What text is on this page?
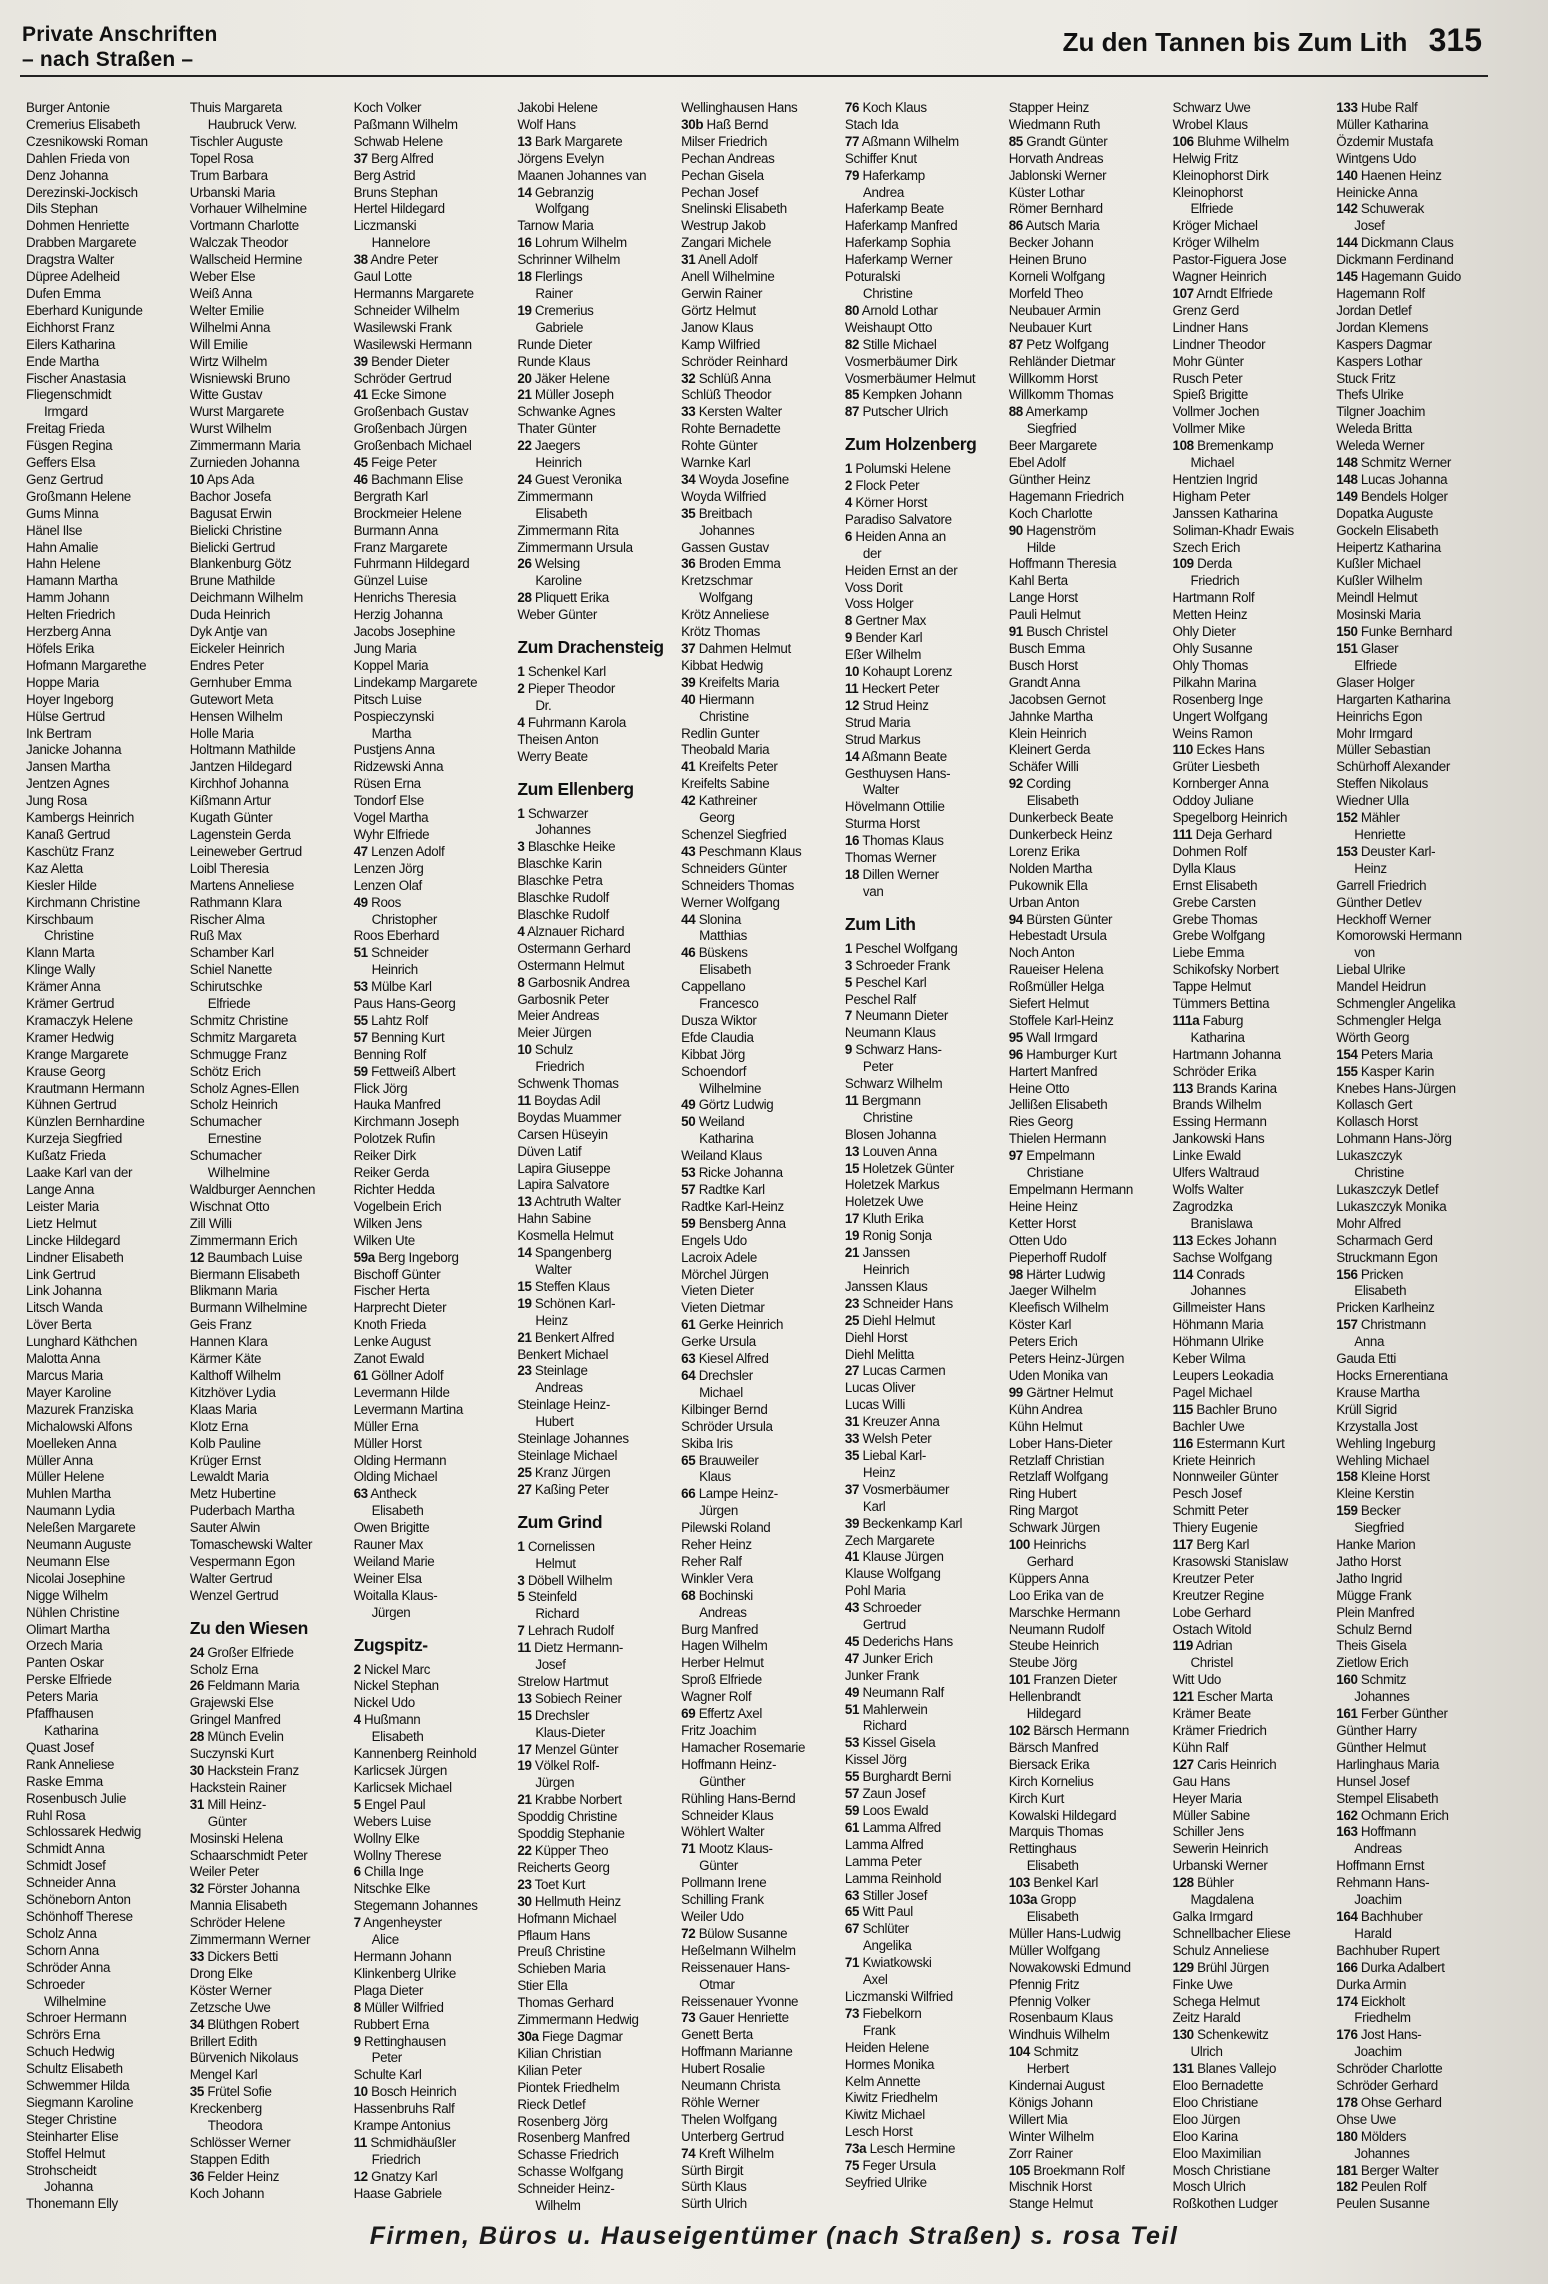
Private Anschriften
– nach Straßen –
Zu den Tannen bis Zum Lith 315
Burger Antonie
Cremerius Elisabeth
Czesnikowski Roman
Dahlen Frieda von
Denz Johanna
Derezinski-Jockisch
Dils Stephan
Dohmen Henriette
Drabben Margarete
Dragstra Walter
Düpree Adelheid
Dufen Emma
Eberhard Kunigunde
Eichhorst Franz
Eilers Katharina
Ende Martha
Fischer Anastasia
Fliegenschmidt
Irmgard
Freitag Frieda
Füsgen Regina
Geffers Elsa
Genz Gertrud
Großmann Helene
Gums Minna
Hänel Ilse
Hahn Amalie
Hahn Helene
Hamann Martha
Hamm Johann
Helten Friedrich
Herzberg Anna
Höfels Erika
Hofmann Margarethe
Hoppe Maria
Hoyer Ingeborg
Hülse Gertrud
Ink Bertram
Janicke Johanna
Jansen Martha
Jentzen Agnes
Jung Rosa
Kambergs Heinrich
Kanaß Gertrud
Kaschütz Franz
Kaz Aletta
Kiesler Hilde
Kirchmann Christine
Kirschbaum
Christine
Klann Marta
Klinge Wally
Krämer Anna
Krämer Gertrud
Kramaczyk Helene
Kramer Hedwig
Krange Margarete
Krause Georg
Krautmann Hermann
Kühnen Gertrud
Künzlen Bernhardine
Kurzeja Siegfried
Kußatz Frieda
Laake Karl van der
Lange Anna
Leister Maria
Lietz Helmut
Lincke Hildegard
Lindner Elisabeth
Link Gertrud
Link Johanna
Litsch Wanda
Löver Berta
Lunghard Käthchen
Malotta Anna
Marcus Maria
Mayer Karoline
Mazurek Franziska
Michalowski Alfons
Moelleken Anna
Müller Anna
Müller Helene
Muhlen Martha
Naumann Lydia
Neleßen Margarete
Neumann Auguste
Neumann Else
Nicolai Josephine
Nigge Wilhelm
Nühlen Christine
Olimart Martha
Orzech Maria
Panten Oskar
Perske Elfriede
Peters Maria
Pfaffhausen
Katharina
Quast Josef
Rank Anneliese
Raske Emma
Rosenbusch Julie
Ruhl Rosa
Schlossarek Hedwig
Schmidt Anna
Schmidt Josef
Schneider Anna
Schöneborn Anton
Schönhoff Therese
Scholz Anna
Schorn Anna
Schröder Anna
Schroeder
Wilhelmine
Schroer Hermann
Schrörs Erna
Schuch Hedwig
Schultz Elisabeth
Schwemmer Hilda
Siegmann Karoline
Steger Christine
Steinharter Elise
Stoffel Helmut
Strohscheidt
Johanna
Thonemann Elly
Thuis Margareta
Haubruck Verw.
Tischler Auguste
Topel Rosa
Trum Barbara
Urbanski Maria
Vorhauer Wilhelmine
Vortmann Charlotte
Walczak Theodor
Wallscheid Hermine
Weber Else
Weiß Anna
Welter Emilie
Wilhelmi Anna
Will Emilie
Wirtz Wilhelm
Wisniewski Bruno
Witte Gustav
Wurst Margarete
Wurst Wilhelm
Zimmermann Maria
Zurnieden Johanna
10 Aps Ada
Bachor Josefa
Bagusat Erwin
Bielicki Christine
Bielicki Gertrud
Blankenburg Götz
Brune Mathilde
Deichmann Wilhelm
Duda Heinrich
Dyk Antje van
Eickeler Heinrich
Endres Peter
Gernhuber Emma
Gutewort Meta
Hensen Wilhelm
Holle Maria
Holtmann Mathilde
Jantzen Hildegard
Kirchhof Johanna
Kißmann Artur
Kugath Günter
Lagenstein Gerda
Leineweber Gertrud
Loibl Theresia
Martens Anneliese
Rathmann Klara
Rischer Alma
Ruß Max
Schamber Karl
Schiel Nanette
Schirutschke
Elfriede
Schmitz Christine
Schmitz Margareta
Schmugge Franz
Schötz Erich
Scholz Agnes-Ellen
Scholz Heinrich
Schumacher
Ernestine
Schumacher
Wilhelmine
Waldburger Aennchen
Wischnat Otto
Zill Willi
Zimmermann Erich
12 Baumbach Luise
Biermann Elisabeth
Blikmann Maria
Burmann Wilhelmine
Geis Franz
Hannen Klara
Kärmer Käte
Kalthoff Wilhelm
Kitzhöver Lydia
Klaas Maria
Klotz Erna
Kolb Pauline
Krüger Ernst
Lewaldt Maria
Metz Hubertine
Puderbach Martha
Sauter Alwin
Tomaschewski Walter
Vespermann Egon
Walter Gertrud
Wenzel Gertrud
Zu den Wiesen
24 Großer Elfriede
Scholz Erna
26 Feldmann Maria
Grajewski Else
Gringel Manfred
28 Münch Evelin
Suczynski Kurt
30 Hackstein Franz
Hackstein Rainer
31 Mill Heinz-
Günter
Mosinski Helena
Schaarschmidt Peter
Weiler Peter
32 Förster Johanna
Mannia Elisabeth
Schröder Helene
Zimmermann Werner
33 Dickers Betti
Drong Elke
Köster Werner
Zetzsche Uwe
34 Blüthgen Robert
Brillert Edith
Bürvenich Nikolaus
Mengel Karl
35 Frütel Sofie
Kreckenberg
Theodora
Schlösser Werner
Stappen Edith
36 Felder Heinz
Koch Johann
Koch Volker
Paßmann Wilhelm
Schwab Helene
37 Berg Alfred
Berg Astrid
Bruns Stephan
Hertel Hildegard
Liczmanski
Hannelore
38 Andre Peter
Gaul Lotte
Hermanns Margarete
Schneider Wilhelm
Wasilewski Frank
Wasilewski Hermann
39 Bender Dieter
Schröder Gertrud
41 Ecke Simone
Großenbach Gustav
Großenbach Jürgen
Großenbach Michael
45 Feige Peter
46 Bachmann Elise
Bergrath Karl
Brockmeier Helene
Burmann Anna
Franz Margarete
Fuhrmann Hildegard
Günzel Luise
Henrichs Theresia
Herzig Johanna
Jacobs Josephine
Jung Maria
Koppel Maria
Lindekamp Margarete
Pitsch Luise
Pospieczynski
Martha
Pustjens Anna
Ridzewski Anna
Rüsen Erna
Tondorf Else
Vogel Martha
Wyhr Elfriede
47 Lenzen Adolf
Lenzen Jörg
Lenzen Olaf
49 Roos
Christopher
Roos Eberhard
51 Schneider
Heinrich
53 Mülbe Karl
Paus Hans-Georg
55 Lahtz Rolf
57 Benning Kurt
Benning Rolf
59 Fettweiß Albert
Flick Jörg
Hauka Manfred
Kirchmann Joseph
Polotzek Rufin
Reiker Dirk
Reiker Gerda
Richter Hedda
Vogelbein Erich
Wilken Jens
Wilken Ute
59a Berg Ingeborg
Bischoff Günter
Fischer Herta
Harprecht Dieter
Knoth Frieda
Lenke August
Zanot Ewald
61 Göllner Adolf
Levermann Hilde
Levermann Martina
Müller Erna
Müller Horst
Olding Hermann
Olding Michael
63 Antheck
Elisabeth
Owen Brigitte
Rauner Max
Weiland Marie
Weiner Elsa
Woitalla Klaus-
Jürgen
Zugspitz-
2 Nickel Marc
Nickel Stephan
Nickel Udo
4 Hußmann
Elisabeth
Kannenberg Reinhold
Karlicsek Jürgen
Karlicsek Michael
5 Engel Paul
Webers Luise
Wollny Elke
Wollny Therese
6 Chilla Inge
Nitschke Elke
Stegemann Johannes
7 Angenheyster
Alice
Hermann Johann
Klinkenberg Ulrike
Plaga Dieter
8 Müller Wilfried
Rubbert Erna
9 Rettinghausen
Peter
Schulte Karl
10 Bosch Heinrich
Hassenbruhs Ralf
Krampe Antonius
11 Schmidhäußler
Friedrich
12 Gnatzy Karl
Haase Gabriele
Jakobi Helene
Wolf Hans
13 Bark Margarete
Jörgens Evelyn
Maanen Johannes van
14 Gebranzig
Wolfgang
Tarnow Maria
16 Lohrum Wilhelm
Schrinner Wilhelm
18 Flerlings
Rainer
19 Cremerius
Gabriele
Runde Dieter
Runde Klaus
20 Jäker Helene
21 Müller Joseph
Schwanke Agnes
Thater Günter
22 Jaegers
Heinrich
24 Guest Veronika
Zimmermann
Elisabeth
Zimmermann Rita
Zimmermann Ursula
26 Welsing
Karoline
28 Pliquett Erika
Weber Günter
Zum Drachensteig
1 Schenkel Karl
2 Pieper Theodor
Dr.
4 Fuhrmann Karola
Theisen Anton
Werry Beate
Zum Ellenberg
1 Schwarzer
Johannes
3 Blaschke Heike
Blaschke Karin
Blaschke Petra
Blaschke Rudolf
Blaschke Rudolf
4 Alznauer Richard
Ostermann Gerhard
Ostermann Helmut
8 Garbosnik Andrea
Garbosnik Peter
Meier Andreas
Meier Jürgen
10 Schulz
Friedrich
Schwenk Thomas
11 Boydas Adil
Boydas Muammer
Carsen Hüseyin
Düven Latif
Lapira Giuseppe
Lapira Salvatore
13 Achtruth Walter
Hahn Sabine
Kosmella Helmut
14 Spangenberg
Walter
15 Steffen Klaus
19 Schönen Karl-
Heinz
21 Benkert Alfred
Benkert Michael
23 Steinlage
Andreas
Steinlage Heinz-
Hubert
Steinlage Johannes
Steinlage Michael
25 Kranz Jürgen
27 Kaßing Peter
Zum Grind
1 Cornelissen
Helmut
3 Döbell Wilhelm
5 Steinfeld
Richard
7 Lehrach Rudolf
11 Dietz Hermann-
Josef
Strelow Hartmut
13 Sobiech Reiner
15 Drechsler
Klaus-Dieter
17 Menzel Günter
19 Völkel Rolf-
Jürgen
21 Krabbe Norbert
Spoddig Christine
Spoddig Stephanie
22 Küpper Theo
Reicherts Georg
23 Toet Kurt
30 Hellmuth Heinz
Hofmann Michael
Pflaum Hans
Preuß Christine
Schieben Maria
Stier Ella
Thomas Gerhard
Zimmermann Hedwig
30a Fiege Dagmar
Kilian Christian
Kilian Peter
Piontek Friedhelm
Rieck Detlef
Rosenberg Jörg
Rosenberg Manfred
Schasse Friedrich
Schasse Wolfgang
Schneider Heinz-
Wilhelm
Wellinghausen Hans
30b Haß Bernd
Milser Friedrich
Pechan Andreas
Pechan Gisela
Pechan Josef
Snelinski Elisabeth
Westrup Jakob
Zangari Michele
31 Anell Adolf
Anell Wilhelmine
Gerwin Rainer
Görtz Helmut
Janow Klaus
Kamp Wilfried
Schröder Reinhard
32 Schlüß Anna
Schlüß Theodor
33 Kersten Walter
Rohte Bernadette
Rohte Günter
Warnke Karl
34 Woyda Josefine
Woyda Wilfried
35 Breitbach
Johannes
Gassen Gustav
36 Broden Emma
Kretzschmar
Wolfgang
Krötz Anneliese
Krötz Thomas
37 Dahmen Helmut
Kibbat Hedwig
39 Kreifelts Maria
40 Hiermann
Christine
Redlin Gunter
Theobald Maria
41 Kreifelts Peter
Kreifelts Sabine
42 Kathreiner
Georg
Schenzel Siegfried
43 Peschmann Klaus
Schneiders Günter
Schneiders Thomas
Werner Wolfgang
44 Slonina
Matthias
46 Büskens
Elisabeth
Cappellano
Francesco
Dusza Wiktor
Efde Claudia
Kibbat Jörg
Schoendorf
Wilhelmine
49 Görtz Ludwig
50 Weiland
Katharina
Weiland Klaus
53 Ricke Johanna
57 Radtke Karl
Radtke Karl-Heinz
59 Bensberg Anna
Engels Udo
Lacroix Adele
Mörchel Jürgen
Vieten Dieter
Vieten Dietmar
61 Gerke Heinrich
Gerke Ursula
63 Kiesel Alfred
64 Drechsler
Michael
Kilbinger Bernd
Schröder Ursula
Skiba Iris
65 Brauweiler
Klaus
66 Lampe Heinz-
Jürgen
Pilewski Roland
Reher Heinz
Reher Ralf
Winkler Vera
68 Bochinski
Andreas
Burg Manfred
Hagen Wilhelm
Herber Helmut
Sproß Elfriede
Wagner Rolf
69 Effertz Axel
Fritz Joachim
Hamacher Rosemarie
Hoffmann Heinz-
Günther
Rühling Hans-Bernd
Schneider Klaus
Wöhlert Walter
71 Mootz Klaus-
Günter
Pollmann Irene
Schilling Frank
Weiler Udo
72 Bülow Susanne
Heßelmann Wilhelm
Reissenauer Hans-
Otmar
Reissenauer Yvonne
73 Gauer Henriette
Genett Berta
Hoffmann Marianne
Hubert Rosalie
Neumann Christa
Röhle Werner
Thelen Wolfgang
Unterberg Gertrud
74 Kreft Wilhelm
Sürth Birgit
Sürth Klaus
Sürth Ulrich
76 Koch Klaus
Stach Ida
77 Aßmann Wilhelm
Schiffer Knut
79 Haferkamp
Andrea
Haferkamp Beate
Haferkamp Manfred
Haferkamp Sophia
Haferkamp Werner
Poturalski
Christine
80 Arnold Lothar
Weishaupt Otto
82 Stille Michael
Vosmerbäumer Dirk
Vosmerbäumer Helmut
85 Kempken Johann
87 Putscher Ulrich
Zum Holzenberg
1 Polumski Helene
2 Flock Peter
4 Körner Horst
Paradiso Salvatore
6 Heiden Anna an
der
Heiden Ernst an der
Voss Dorit
Voss Holger
8 Gertner Max
9 Bender Karl
Eßer Wilhelm
10 Kohaupt Lorenz
11 Heckert Peter
12 Strud Heinz
Strud Maria
Strud Markus
14 Aßmann Beate
Gesthuysen Hans-
Walter
Hövelmann Ottilie
Sturma Horst
16 Thomas Klaus
Thomas Werner
18 Dillen Werner
van
Zum Lith
1 Peschel Wolfgang
3 Schroeder Frank
5 Peschel Karl
Peschel Ralf
7 Neumann Dieter
Neumann Klaus
9 Schwarz Hans-
Peter
Schwarz Wilhelm
11 Bergmann
Christine
Blosen Johanna
13 Louven Anna
15 Holetzek Günter
Holetzek Markus
Holetzek Uwe
17 Kluth Erika
19 Ronig Sonja
21 Janssen
Heinrich
Janssen Klaus
23 Schneider Hans
25 Diehl Helmut
Diehl Horst
Diehl Melitta
27 Lucas Carmen
Lucas Oliver
Lucas Willi
31 Kreuzer Anna
33 Welsh Peter
35 Liebal Karl-
Heinz
37 Vosmerbäumer
Karl
39 Beckenkamp Karl
Zech Margarete
41 Klause Jürgen
Klause Wolfgang
Pohl Maria
43 Schroeder
Gertrud
45 Dederichs Hans
47 Junker Erich
Junker Frank
49 Neumann Ralf
51 Mahlerwein
Richard
53 Kissel Gisela
Kissel Jörg
55 Burghardt Berni
57 Zaun Josef
59 Loos Ewald
61 Lamma Alfred
Lamma Alfred
Lamma Peter
Lamma Reinhold
63 Stiller Josef
65 Witt Paul
67 Schlüter
Angelika
71 Kwiatkowski
Axel
Liczmanski Wilfried
73 Fiebelkorn
Frank
Heiden Helene
Hormes Monika
Kelm Annette
Kiwitz Friedhelm
Kiwitz Michael
Lesch Horst
73a Lesch Hermine
75 Feger Ursula
Seyfried Ulrike
Stapper Heinz
Wiedmann Ruth
85 Grandt Günter
Horvath Andreas
Jablonski Werner
Küster Lothar
Römer Bernhard
86 Autsch Maria
Becker Johann
Heinen Bruno
Korneli Wolfgang
Morfeld Theo
Neubauer Armin
Neubauer Kurt
87 Petz Wolfgang
Rehländer Dietmar
Willkomm Horst
Willkomm Thomas
88 Amerkamp
Siegfried
Beer Margarete
Ebel Adolf
Günther Heinz
Hagemann Friedrich
Koch Charlotte
90 Hagenström
Hilde
Hoffmann Theresia
Kahl Berta
Lange Horst
Pauli Helmut
91 Busch Christel
Busch Emma
Busch Horst
Grandt Anna
Jacobsen Gernot
Jahnke Martha
Klein Heinrich
Kleinert Gerda
Schäfer Willi
92 Cording
Elisabeth
Dunkerbeck Beate
Dunkerbeck Heinz
Lorenz Erika
Nolden Martha
Pukownik Ella
Urban Anton
94 Bürsten Günter
Hebestadt Ursula
Noch Anton
Raueiser Helena
Roßmüller Helga
Siefert Helmut
Stoffele Karl-Heinz
95 Wall Irmgard
96 Hamburger Kurt
Hartert Manfred
Heine Otto
Jellißen Elisabeth
Ries Georg
Thielen Hermann
97 Empelmann
Christiane
Empelmann Hermann
Heine Heinz
Ketter Horst
Otten Udo
Pieperhoff Rudolf
98 Härter Ludwig
Jaeger Wilhelm
Kleefisch Wilhelm
Köster Karl
Peters Erich
Peters Heinz-Jürgen
Uden Monika van
99 Gärtner Helmut
Kühn Andrea
Kühn Helmut
Lober Hans-Dieter
Retzlaff Christian
Retzlaff Wolfgang
Ring Hubert
Ring Margot
Schwark Jürgen
100 Heinrichs
Gerhard
Küppers Anna
Loo Erika van de
Marschke Hermann
Neumann Rudolf
Steube Heinrich
Steube Jörg
101 Franzen Dieter
Hellenbrandt
Hildegard
102 Bärsch Hermann
Bärsch Manfred
Biersack Erika
Kirch Kornelius
Kirch Kurt
Kowalski Hildegard
Marquis Thomas
Rettinghaus
Elisabeth
103 Benkel Karl
103a Gropp
Elisabeth
Müller Hans-Ludwig
Müller Wolfgang
Nowakowski Edmund
Pfennig Fritz
Pfennig Volker
Rosenbaum Klaus
Windhuis Wilhelm
104 Schmitz
Herbert
Kindernai August
Königs Johann
Willert Mia
Winter Wilhelm
Zorr Rainer
105 Broekmann Rolf
Mischnik Horst
Stange Helmut
Schwarz Uwe
Wrobel Klaus
106 Bluhme Wilhelm
Helwig Fritz
Kleinophorst Dirk
Kleinophorst
Elfriede
Kröger Michael
Kröger Wilhelm
Pastor-Figuera Jose
Wagner Heinrich
107 Arndt Elfriede
Grenz Gerd
Lindner Hans
Lindner Theodor
Mohr Günter
Rusch Peter
Spieß Brigitte
Vollmer Jochen
Vollmer Mike
108 Bremenkamp
Michael
Hentzien Ingrid
Higham Peter
Janssen Katharina
Soliman-Khadr Ewais
Szech Erich
109 Derda
Friedrich
Hartmann Rolf
Metten Heinz
Ohly Dieter
Ohly Susanne
Ohly Thomas
Pilkahn Marina
Rosenberg Inge
Ungert Wolfgang
Weins Ramon
110 Eckes Hans
Grüter Liesbeth
Kornberger Anna
Oddoy Juliane
Spegelborg Heinrich
111 Deja Gerhard
Dohmen Rolf
Dylla Klaus
Ernst Elisabeth
Grebe Carsten
Grebe Thomas
Grebe Wolfgang
Liebe Emma
Schikofsky Norbert
Tappe Helmut
Tümmers Bettina
111a Faburg
Katharina
Hartmann Johanna
Schröder Erika
113 Brands Karina
Brands Wilhelm
Essing Hermann
Jankowski Hans
Linke Ewald
Ulfers Waltraud
Wolfs Walter
Zagrodzka
Branislawa
113 Eckes Johann
Sachse Wolfgang
114 Conrads
Johannes
Gillmeister Hans
Höhmann Maria
Höhmann Ulrike
Keber Wilma
Leupers Leokadia
Pagel Michael
115 Bachler Bruno
Bachler Uwe
116 Estermann Kurt
Kriete Heinrich
Nonnweiler Günter
Pesch Josef
Schmitt Peter
Thiery Eugenie
117 Berg Karl
Krasowski Stanislaw
Kreutzer Peter
Kreutzer Regine
Lobe Gerhard
Ostach Witold
119 Adrian
Christel
Witt Udo
121 Escher Marta
Krämer Beate
Krämer Friedrich
Kühn Ralf
127 Caris Heinrich
Gau Hans
Heyer Maria
Müller Sabine
Schiller Jens
Sewerin Heinrich
Urbanski Werner
128 Bühler
Magdalena
Galka Irmgard
Schnellbacher Eliese
Schulz Anneliese
129 Brühl Jürgen
Finke Uwe
Schega Helmut
Zeitz Harald
130 Schenkewitz
Ulrich
131 Blanes Vallejo
Eloo Bernadette
Eloo Christiane
Eloo Jürgen
Eloo Karina
Eloo Maximilian
Mosch Christiane
Mosch Ulrich
Roßkothen Ludger
133 Hube Ralf
Müller Katharina
Özdemir Mustafa
Wintgens Udo
140 Haenen Heinz
Heinicke Anna
142 Schuwerak
Josef
144 Dickmann Claus
Dickmann Ferdinand
145 Hagemann Guido
Hagemann Rolf
Jordan Detlef
Jordan Klemens
Kaspers Dagmar
Kaspers Lothar
Stuck Fritz
Thefs Ulrike
Tilgner Joachim
Weleda Britta
Weleda Werner
148 Schmitz Werner
148 Lucas Johanna
149 Bendels Holger
Dopatka Auguste
Gockeln Elisabeth
Heipertz Katharina
Kußler Michael
Kußler Wilhelm
Meindl Helmut
Mosinski Maria
150 Funke Bernhard
151 Glaser
Elfriede
Glaser Holger
Hargarten Katharina
Heinrichs Egon
Mohr Irmgard
Müller Sebastian
Schürhoff Alexander
Steffen Nikolaus
Wiedner Ulla
152 Mähler
Henriette
153 Deuster Karl-
Heinz
Garrell Friedrich
Günther Detlev
Heckhoff Werner
Komorowski Hermann
von
Liebal Ulrike
Mandel Heidrun
Schmengler Angelika
Schmengler Helga
Wörth Georg
154 Peters Maria
155 Kasper Karin
Knebes Hans-Jürgen
Kollasch Gert
Kollasch Horst
Lohmann Hans-Jörg
Lukaszczyk
Christine
Lukaszczyk Detlef
Lukaszczyk Monika
Mohr Alfred
Scharmach Gerd
Struckmann Egon
156 Pricken
Elisabeth
Pricken Karlheinz
157 Christmann
Anna
Gauda Etti
Hocks Ernerentiana
Krause Martha
Krüll Sigrid
Krzystalla Jost
Wehling Ingeburg
Wehling Michael
158 Kleine Horst
Kleine Kerstin
159 Becker
Siegfried
Hanke Marion
Jatho Horst
Jatho Ingrid
Mügge Frank
Plein Manfred
Schulz Bernd
Theis Gisela
Zietlow Erich
160 Schmitz
Johannes
161 Ferber Günther
Günther Harry
Günther Helmut
Harlinghaus Maria
Hunsel Josef
Stempel Elisabeth
162 Ochmann Erich
163 Hoffmann
Andreas
Hoffmann Ernst
Rehmann Hans-
Joachim
164 Bachhuber
Harald
Bachhuber Rupert
166 Durka Adalbert
Durka Armin
174 Eickholt
Friedhelm
176 Jost Hans-
Joachim
Schröder Charlotte
Schröder Gerhard
178 Ohse Gerhard
Ohse Uwe
180 Mölders
Johannes
181 Berger Walter
182 Peulen Rolf
Peulen Susanne
Firmen, Büros u. Hauseigentümer (nach Straßen) s. rosa Teil
